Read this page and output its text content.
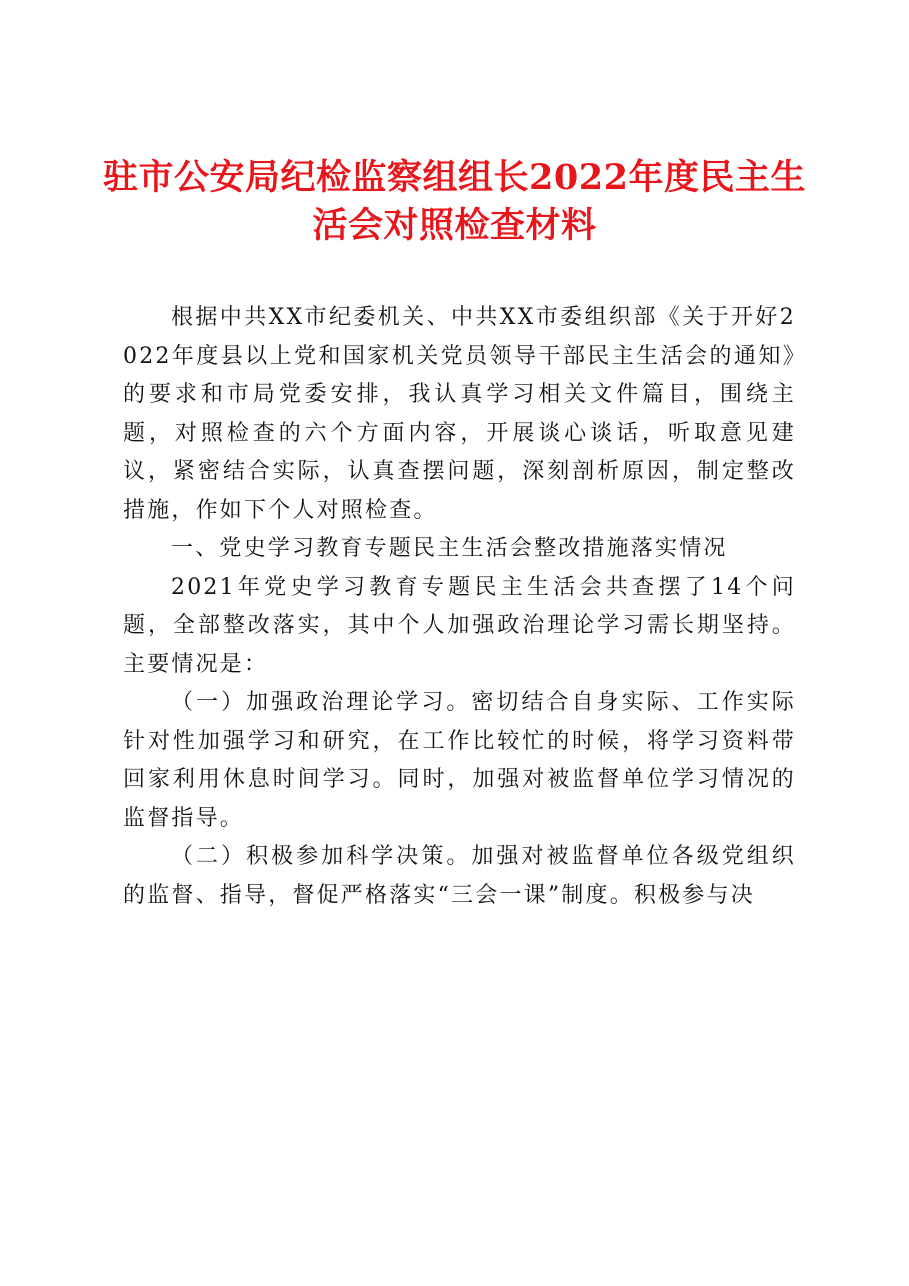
驻市公安局纪检监察组组长2022年度民主生
活会对照检查材料

根据中共XX市纪委机关、中共XX市委组织部《关于开好2022年度县以上党和国家机关党员领导干部民主生活会的通知》的要求和市局党委安排，我认真学习相关文件篇目，围绕主题，对照检查的六个方面内容，开展谈心谈话，听取意见建议，紧密结合实际，认真查摆问题，深刻剖析原因，制定整改措施，作如下个人对照检查。

一、党史学习教育专题民主生活会整改措施落实情况

2021年党史学习教育专题民主生活会共查摆了14个问题，全部整改落实，其中个人加强政治理论学习需长期坚持。主要情况是：

（一）加强政治理论学习。密切结合自身实际、工作实际针对性加强学习和研究，在工作比较忙的时候，将学习资料带回家利用休息时间学习。同时，加强对被监督单位学习情况的监督指导。

（二）积极参加科学决策。加强对被监督单位各级党组织的监督、指导，督促严格落实“三会一课”制度。积极参与决
